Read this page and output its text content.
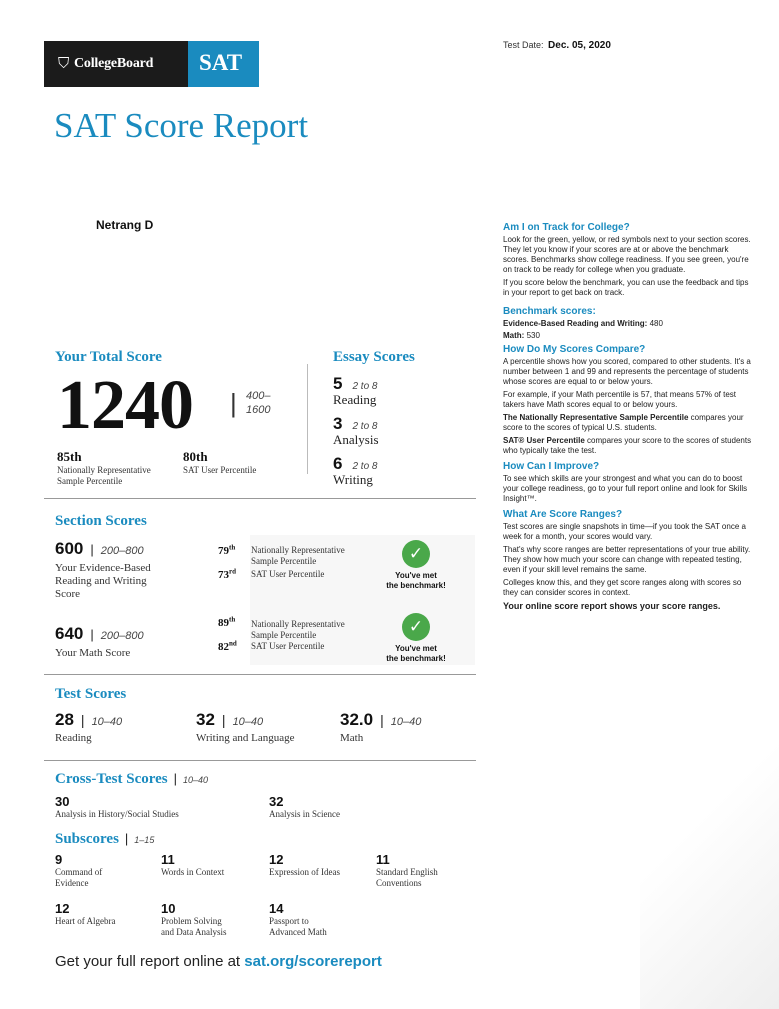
⛉ CollegeBoard SAT
Test Date: Dec. 05, 2020
SAT Score Report
Netrang D
Your Total Score
1240 | 400–
1600
85th
Nationally Representative
Sample Percentile
80th
SAT User Percentile
Essay Scores
5 2 to 8
Reading
3 2 to 8
Analysis
6 2 to 8
Writing
Section Scores
600 | 200–800
Your Evidence-Based
Reading and Writing
Score
79th Nationally Representative
Sample Percentile
73rd SAT User Percentile
✓
You've met
the benchmark!
640 | 200–800
Your Math Score
89th Nationally Representative
Sample Percentile
82nd SAT User Percentile
✓
You've met
the benchmark!
Test Scores
28 | 10–40
Reading
32 | 10–40
Writing and Language
32.0 | 10–40
Math
Cross-Test Scores | 10–40
30
Analysis in History/Social Studies
32
Analysis in Science
Subscores | 1–15
9
Command of
Evidence
11
Words in Context
12
Expression of Ideas
11
Standard English
Conventions
12
Heart of Algebra
10
Problem Solving
and Data Analysis
14
Passport to
Advanced Math
Get your full report online at sat.org/scorereport
Am I on Track for College?

Look for the green, yellow, or red symbols next to your section scores. They let you know if your scores are at or above the benchmark scores. Benchmarks show college readiness. If you see green, you're on track to be ready for college when you graduate.

If you score below the benchmark, you can use the feedback and tips in your report to get back on track.

Benchmark scores:

Evidence-Based Reading and Writing: 480

Math: 530

How Do My Scores Compare?

A percentile shows how you scored, compared to other students. It's a number between 1 and 99 and represents the percentage of students whose scores are equal to or below yours.

For example, if your Math percentile is 57, that means 57% of test takers have Math scores equal to or below yours.

The Nationally Representative Sample Percentile compares your score to the scores of typical U.S. students.

SAT® User Percentile compares your score to the scores of students who typically take the test.

How Can I Improve?

To see which skills are your strongest and what you can do to boost your college readiness, go to your full report online and look for Skills Insight™.

What Are Score Ranges?

Test scores are single snapshots in time—if you took the SAT once a week for a month, your scores would vary.

That's why score ranges are better representations of your true ability. They show how much your score can change with repeated testing, even if your skill level remains the same.

Colleges know this, and they get score ranges along with scores so they can consider scores in context.

Your online score report shows your score ranges.
